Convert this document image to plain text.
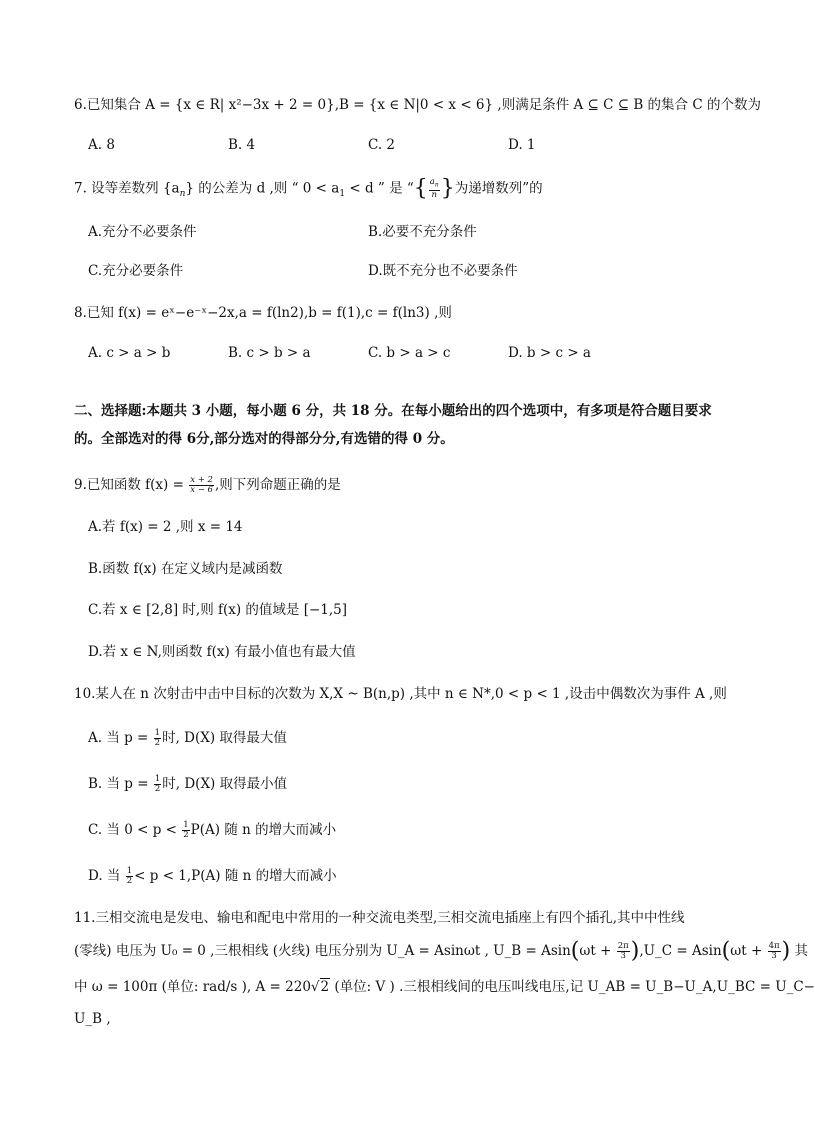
6.已知集合 A = {x ∈ R| x²−3x + 2 = 0},B = {x ∈ N|0 < x < 6} ,则满足条件 A ⊆ C ⊆ B 的集合 C 的个数为
A. 8	B. 4	C. 2	D. 1
7. 设等差数列 $\{a_n\}$ 的公差为 d ,则 “ $0 < a_1 < d$ ” 是 “{ $\frac{a_n}{n}$ }为递增数列”的
A.充分不必要条件	B.必要不充分条件
C.充分必要条件	D.既不充分也不必要条件
8.已知 f(x) = eˣ−e⁻ˣ−2x,a = f(ln2),b = f(1),c = f(ln3) ,则
A. c > a > b	B. c > b > a	C. b > a > c	D. b > c > a
二、选择题:本题共 3 小题，每小题 6 分，共 18 分。在每小题给出的四个选项中，有多项是符合题目要求
的。全部选对的得 6分,部分选对的得部分分,有选错的得 0 分。
9.已知函数 $f(x) = \frac{x + 2}{x - 6}$ ,则下列命题正确的是
A.若 f(x) = 2 ,则 x = 14
B.函数 f(x) 在定义域内是减函数
C.若 x ∈ [2,8] 时,则 f(x) 的值域是 [−1,5]
D.若 x ∈ N,则函数 f(x) 有最小值也有最大值
10.某人在 n 次射击中击中目标的次数为 X,X ~ B(n,p) ,其中 n ∈ N*,0 < p < 1 ,设击中偶数次为事件 A ,则
A. 当 $p = \frac{1}{2}$ 时, D(X) 取得最大值
B. 当 $p = \frac{1}{2}$ 时, D(X) 取得最小值
C. 当 $0 < p < \frac{1}{2} P(A)$ 随 n 的增大而减小
D. 当 $\frac{1}{2} < p < 1,P(A)$ 随 n 的增大而减小
11.三相交流电是发电、输电和配电中常用的一种交流电类型,三相交流电插座上有四个插孔,其中中性线
(零线) 电压为 U₀ = 0 ,三根相线 (火线) 电压分别为 U_A = Asinωt , U_B = $Asin(\omega t + \frac{2\pi}{3}$ ),U_C = $Asin(\omega t + \frac{4\pi}{3}$ ) 其
中 ω = 100π (单位: rad/s ), A = 220√2 (单位: V ) .三根相线间的电压叫线电压,记 U_AB = U_B−U_A,U_BC = U_C−
U_B ,
